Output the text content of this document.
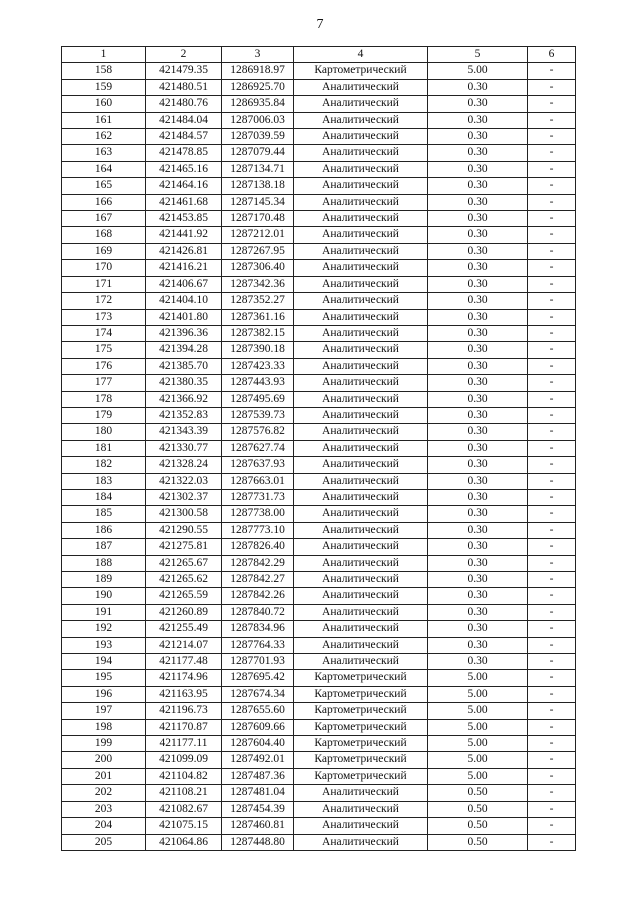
7
1	2	3	4	5	6
158	421479.35	1286918.97	Картометрический	5.00	-
159	421480.51	1286925.70	Аналитический	0.30	-
160	421480.76	1286935.84	Аналитический	0.30	-
161	421484.04	1287006.03	Аналитический	0.30	-
162	421484.57	1287039.59	Аналитический	0.30	-
163	421478.85	1287079.44	Аналитический	0.30	-
164	421465.16	1287134.71	Аналитический	0.30	-
165	421464.16	1287138.18	Аналитический	0.30	-
166	421461.68	1287145.34	Аналитический	0.30	-
167	421453.85	1287170.48	Аналитический	0.30	-
168	421441.92	1287212.01	Аналитический	0.30	-
169	421426.81	1287267.95	Аналитический	0.30	-
170	421416.21	1287306.40	Аналитический	0.30	-
171	421406.67	1287342.36	Аналитический	0.30	-
172	421404.10	1287352.27	Аналитический	0.30	-
173	421401.80	1287361.16	Аналитический	0.30	-
174	421396.36	1287382.15	Аналитический	0.30	-
175	421394.28	1287390.18	Аналитический	0.30	-
176	421385.70	1287423.33	Аналитический	0.30	-
177	421380.35	1287443.93	Аналитический	0.30	-
178	421366.92	1287495.69	Аналитический	0.30	-
179	421352.83	1287539.73	Аналитический	0.30	-
180	421343.39	1287576.82	Аналитический	0.30	-
181	421330.77	1287627.74	Аналитический	0.30	-
182	421328.24	1287637.93	Аналитический	0.30	-
183	421322.03	1287663.01	Аналитический	0.30	-
184	421302.37	1287731.73	Аналитический	0.30	-
185	421300.58	1287738.00	Аналитический	0.30	-
186	421290.55	1287773.10	Аналитический	0.30	-
187	421275.81	1287826.40	Аналитический	0.30	-
188	421265.67	1287842.29	Аналитический	0.30	-
189	421265.62	1287842.27	Аналитический	0.30	-
190	421265.59	1287842.26	Аналитический	0.30	-
191	421260.89	1287840.72	Аналитический	0.30	-
192	421255.49	1287834.96	Аналитический	0.30	-
193	421214.07	1287764.33	Аналитический	0.30	-
194	421177.48	1287701.93	Аналитический	0.30	-
195	421174.96	1287695.42	Картометрический	5.00	-
196	421163.95	1287674.34	Картометрический	5.00	-
197	421196.73	1287655.60	Картометрический	5.00	-
198	421170.87	1287609.66	Картометрический	5.00	-
199	421177.11	1287604.40	Картометрический	5.00	-
200	421099.09	1287492.01	Картометрический	5.00	-
201	421104.82	1287487.36	Картометрический	5.00	-
202	421108.21	1287481.04	Аналитический	0.50	-
203	421082.67	1287454.39	Аналитический	0.50	-
204	421075.15	1287460.81	Аналитический	0.50	-
205	421064.86	1287448.80	Аналитический	0.50	-
